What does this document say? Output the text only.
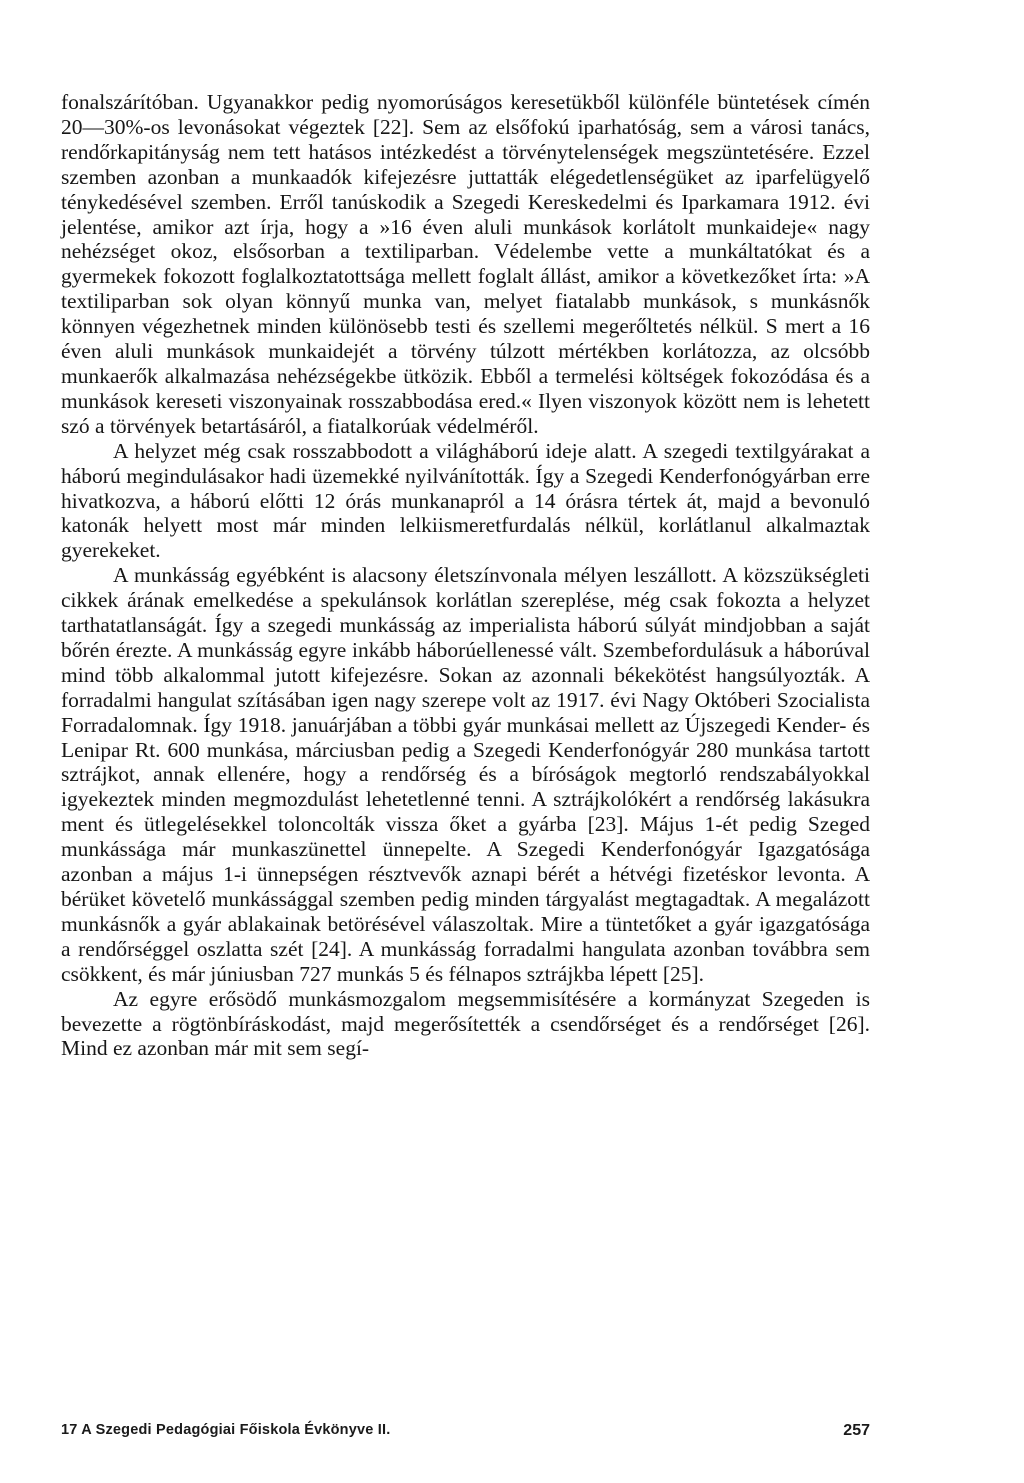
fonalszárítóban. Ugyanakkor pedig nyomorúságos keresetükből különféle büntetések címén 20—30%-os levonásokat végeztek [22]. Sem az elsőfokú iparhatóság, sem a városi tanács, rendőrkapitányság nem tett hatásos intézkedést a törvénytelenségek megszüntetésére. Ezzel szemben azonban a munkaadók kifejezésre juttatták elégedetlenségüket az iparfelügyelő ténykedésével szemben. Erről tanúskodik a Szegedi Kereskedelmi és Iparkamara 1912. évi jelentése, amikor azt írja, hogy a »16 éven aluli munkások korlátolt munkaideje« nagy nehézséget okoz, elsősorban a textiliparban. Védelembe vette a munkáltatókat és a gyermekek fokozott foglalkoztatottsága mellett foglalt állást, amikor a következőket írta: »A textiliparban sok olyan könnyű munka van, melyet fiatalabb munkások, s munkásnők könnyen végezhetnek minden különösebb testi és szellemi megerőltetés nélkül. S mert a 16 éven aluli munkások munkaidejét a törvény túlzott mértékben korlátozza, az olcsóbb munkaerők alkalmazása nehézségekbe ütközik. Ebből a termelési költségek fokozódása és a munkások kereseti viszonyainak rosszabbodása ered.« Ilyen viszonyok között nem is lehetett szó a törvények betartásáról, a fiatalkorúak védelméről.

A helyzet még csak rosszabbodott a világháború ideje alatt. A szegedi textilgyárakat a háború megindulásakor hadi üzemekké nyilvánították. Így a Szegedi Kenderfonógyárban erre hivatkozva, a háború előtti 12 órás munkanapról a 14 órásra tértek át, majd a bevonuló katonák helyett most már minden lelkiismeretfurdalás nélkül, korlátlanul alkalmaztak gyerekeket.

A munkásság egyébként is alacsony életszínvonala mélyen leszállott. A közszükségleti cikkek árának emelkedése a spekulánsok korlátlan szereplése, még csak fokozta a helyzet tarthatatlanságát. Így a szegedi munkásság az imperialista háború súlyát mindjobban a saját bőrén érezte. A munkásság egyre inkább háborúellenessé vált. Szembefordulásuk a háborúval mind több alkalommal jutott kifejezésre. Sokan az azonnali békekötést hangsúlyozták. A forradalmi hangulat szításában igen nagy szerepe volt az 1917. évi Nagy Októberi Szocialista Forradalomnak. Így 1918. januárjában a többi gyár munkásai mellett az Újszegedi Kender- és Lenipar Rt. 600 munkása, márciusban pedig a Szegedi Kenderfonógyár 280 munkása tartott sztrájkot, annak ellenére, hogy a rendőrség és a bíróságok megtorló rendszabályokkal igyekeztek minden megmozdulást lehetetlenné tenni. A sztrájkolókért a rendőrség lakásukra ment és ütlegelésekkel toloncolták vissza őket a gyárba [23]. Május 1-ét pedig Szeged munkássága már munkaszünettel ünnepelte. A Szegedi Kenderfonógyár Igazgatósága azonban a május 1-i ünnepségen résztvevők aznapi bérét a hétvégi fizetéskor levonta. A bérüket követelő munkássággal szemben pedig minden tárgyalást megtagadtak. A megalázott munkásnők a gyár ablakainak betörésével válaszoltak. Mire a tüntetőket a gyár igazgatósága a rendőrséggel oszlatta szét [24]. A munkásság forradalmi hangulata azonban továbbra sem csökkent, és már júniusban 727 munkás 5 és félnapos sztrájkba lépett [25].

Az egyre erősödő munkásmozgalom megsemmisítésére a kormányzat Szegeden is bevezette a rögtönbíráskodást, majd megerősítették a csendőrséget és a rendőrséget [26]. Mind ez azonban már mit sem segí-

17 A Szegedi Pedagógiai Főiskola Évkönyve II.	257
